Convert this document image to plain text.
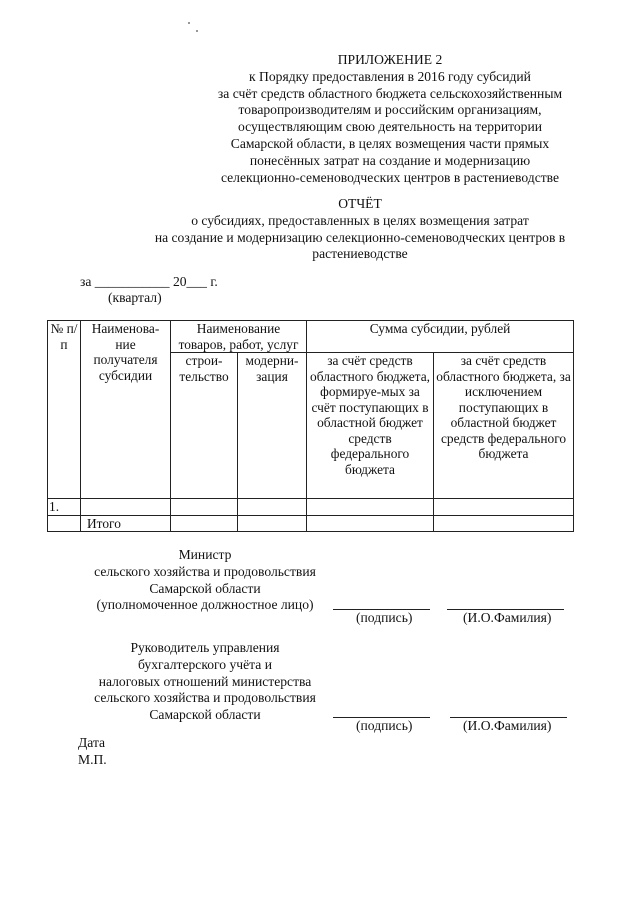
ПРИЛОЖЕНИЕ 2
к Порядку предоставления в 2016 году субсидий
за счёт средств областного бюджета сельскохозяйственным
товаропроизводителям и российским организациям,
осуществляющим свою деятельность на территории
Самарской области, в целях возмещения части прямых
понесённых затрат на создание и модернизацию
селекционно-семеноводческих центров в растениеводстве
ОТЧЁТ
о субсидиях, предоставленных в целях возмещения затрат
на создание и модернизацию селекционно-семеноводческих центров в
растениеводстве
за ___________ 20___ г.
(квартал)
№ п/п	Наименова-ние получателя субсидии	Наименование товаров, работ, услуг		Сумма субсидии, рублей	
		строи-тельство	модерни-зация	за счёт средств областного бюджета, формируе-мых за счёт поступающих в областной бюджет средств федерального бюджета	за счёт средств областного бюджета, за исключением поступающих в областной бюджет средств федерального бюджета
1.					
	Итого				
Министр
сельского хозяйства и продовольствия
Самарской области
(уполномоченное должностное лицо)
(подпись)	(И.О.Фамилия)
Руководитель управления
бухгалтерского учёта и
налоговых отношений министерства
сельского хозяйства и продовольствия
Самарской области
(подпись)	(И.О.Фамилия)
Дата
М.П.
